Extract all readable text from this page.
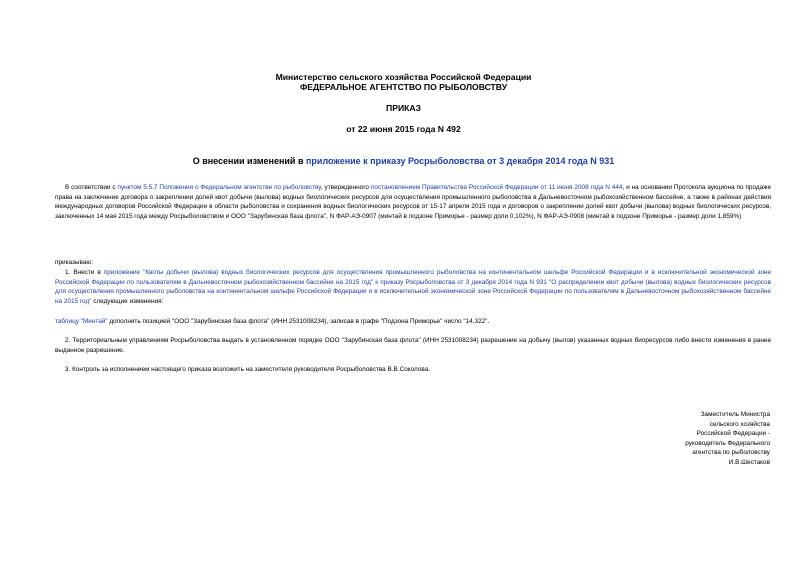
Министерство сельского хозяйства Российской Федерации
ФЕДЕРАЛЬНОЕ АГЕНТСТВО ПО РЫБОЛОВСТВУ
ПРИКАЗ
от 22 июня 2015 года N 492
О внесении изменений в приложение к приказу Росрыболовства от 3 декабря 2014 года N 931
В соответствии с пунктом 5.5.7 Положения о Федеральном агентстве по рыболовству, утвержденного постановлением Правительства Российской Федерации от 11 июня 2008 года N 444, и на основании Протокола аукциона по продаже права на заключение договора о закреплении долей квот добычи (вылова) водных биологических ресурсов для осуществления промышленного рыболовства в Дальневосточном рыбохозяйственном бассейне, а также в районах действия международных договоров Российской Федерации в области рыболовства и сохранения водных биологических ресурсов от 15-17 апреля 2015 года и договоров о закреплении долей квот добычи (вылова) водных биологических ресурсов, заключенных 14 мая 2015 года между Росрыболовством и ООО "Зарубинская база флота", N ФАР-АЭ-0907 (минтай в подзоне Приморье - размер доли 0,102%), N ФАР-АЭ-0908 (минтай в подзоне Приморье - размер доли 1,859%)
приказываю:
1. Внести в приложение "Квоты добычи (вылова) водных биологических ресурсов для осуществления промышленного рыболовства на континентальном шельфе Российской Федерации и в исключительной экономической зоне Российской Федерации по пользователям в Дальневосточном рыбохозяйственном бассейне на 2015 год" к приказу Росрыболовства от 3 декабря 2014 года N 931 "О распределении квот добычи (вылова) водных биологических ресурсов для осуществления промышленного рыболовства на континентальном шельфе Российской Федерации и в исключительной экономической зоне Российской Федерации по пользователям в Дальневосточном рыбохозяйственном бассейне на 2015 год" следующие изменения:
таблицу "Минтай" дополнить позицией "ООО "Зарубинская база флота" (ИНН 2531008234), записав в графе "Подзона Приморье" число "14,322".
2. Территориальным управлениям Росрыболовства выдать в установленном порядке ООО "Зарубинская база флота" (ИНН 2531008234) разрешение на добычу (вылов) указанных водных биоресурсов либо внести изменения в ранее выданное разрешение.
3. Контроль за исполнением настоящего приказа возложить на заместителя руководителя Росрыболовства В.В.Соколова.
Заместитель Министра
сельского хозяйства
Российской Федерации -
руководитель Федерального
агентства по рыболовству
И.В.Шестаков
